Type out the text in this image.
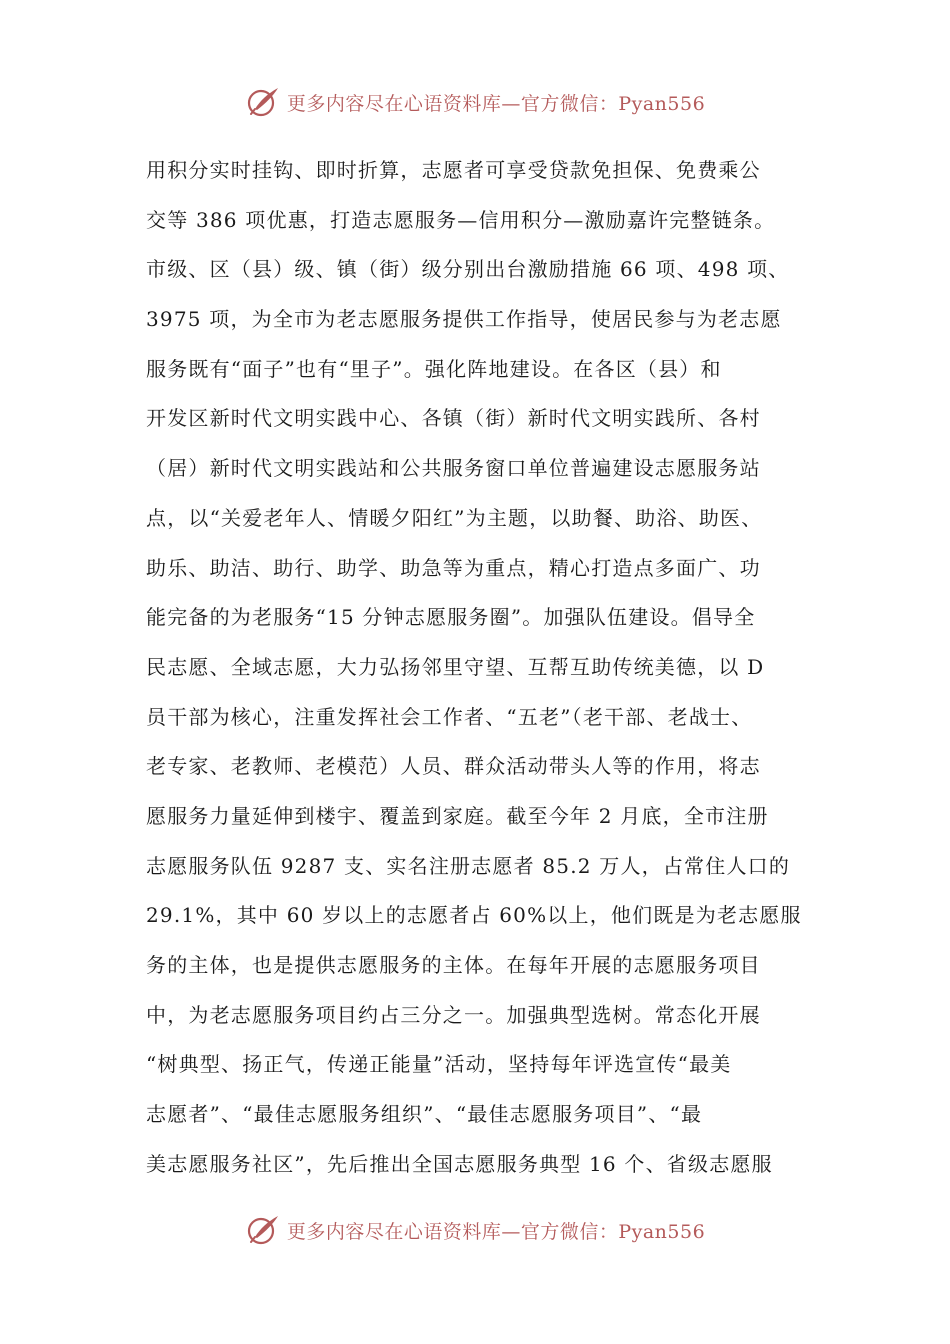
更多内容尽在心语资料库—官方微信：Pyan556
用积分实时挂钩、即时折算，志愿者可享受贷款免担保、免费乘公
交等 386 项优惠，打造志愿服务—信用积分—激励嘉许完整链条。
市级、区（县）级、镇（街）级分别出台激励措施 66 项、498 项、
3975 项，为全市为老志愿服务提供工作指导，使居民参与为老志愿
服务既有“面子”也有“里子”。强化阵地建设。在各区（县）和
开发区新时代文明实践中心、各镇（街）新时代文明实践所、各村
（居）新时代文明实践站和公共服务窗口单位普遍建设志愿服务站
点，以“关爱老年人、情暖夕阳红”为主题，以助餐、助浴、助医、
助乐、助洁、助行、助学、助急等为重点，精心打造点多面广、功
能完备的为老服务“15 分钟志愿服务圈”。加强队伍建设。倡导全
民志愿、全域志愿，大力弘扬邻里守望、互帮互助传统美德，以 D
员干部为核心，注重发挥社会工作者、“五老”（老干部、老战士、
老专家、老教师、老模范）人员、群众活动带头人等的作用，将志
愿服务力量延伸到楼宇、覆盖到家庭。截至今年 2 月底，全市注册
志愿服务队伍 9287 支、实名注册志愿者 85.2 万人，占常住人口的
29.1%，其中 60 岁以上的志愿者占 60%以上，他们既是为老志愿服
务的主体，也是提供志愿服务的主体。在每年开展的志愿服务项目
中，为老志愿服务项目约占三分之一。加强典型选树。常态化开展
“树典型、扬正气，传递正能量”活动，坚持每年评选宣传“最美
志愿者”、“最佳志愿服务组织”、“最佳志愿服务项目”、“最
美志愿服务社区”，先后推出全国志愿服务典型 16 个、省级志愿服
更多内容尽在心语资料库—官方微信：Pyan556
